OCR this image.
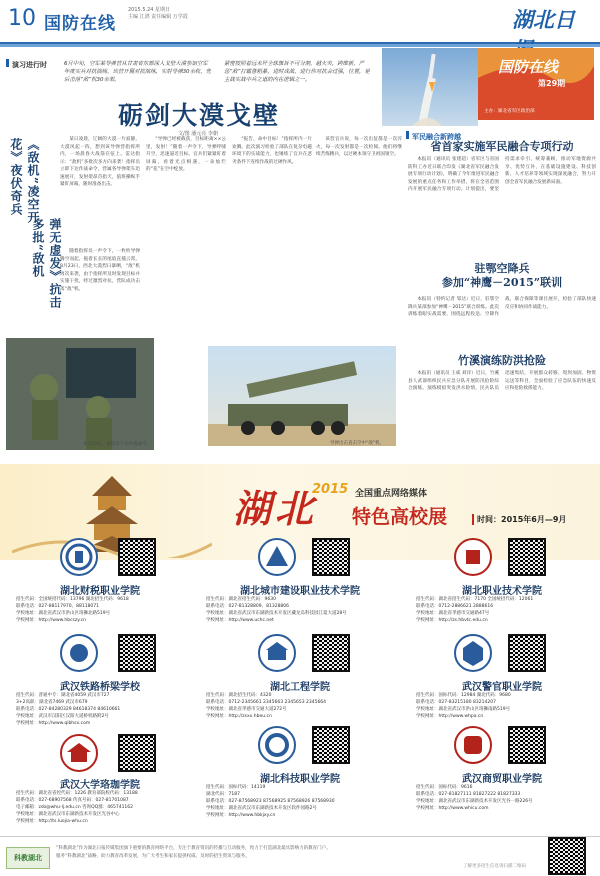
10 国防在线
2015.5.24 星期日
主编 江鸿 责任编辑 万学霞	湖北日
演习进行时	6月中旬，空军某导弹营从甘肃省东部深入戈壁大漠参加空军年度实兵对抗演练，该营开展对抗演练，实射导弹30余枚，先后击落“敌”机30余架。
紧密按照着远未歼全球旗旨不可分割，越火突，跨维新，严惩“敌”打霸惫粗暴，进时成战，进行你对抗会过强，位置，是主战实战中兵之道的内在逻辑之一。
砺剑大漠戈壁
文/图 潘元亮 李朝
《敌机”凌空开花》夜伏奇兵
弹无虚发》抗击多批“敌机

某日凌晨，辽阔的大漠一片寂静。大漠风起一阵，想到该导弹营指挥所内，一场晨昏大战箭在弦上。雷达指示：“敌机”多批次多方向来袭！指挥员立即下达作战命令，营属各导弹架车迅速展开，发射架昂首指天，值班操纵手紧盯屏幕，随时准备出击。

随着指挥员一声令下，一枚枚导弹腾空而起，拖着长长的尾焰直插云霄。8月23日，西北大漠烈日暴晒，“敌”机再次来袭，由于指挥所及时发现目标并实施干扰，经过激烈对抗，营队成功击落“敌”机。

“导弹已经被截获，目标距离××公里，发射！”随着一声令下，导弹呼啸升空，迅速逼近目标。官兵们紧紧盯着屏幕，看着光点相遇，一朵灿烂的“花”在空中绽放。

“报告，命中目标！”指挥所内一片欢腾。此次演习检验了部队在复杂电磁环境下的实战能力，也锤炼了官兵在恶劣条件下连续作战的过硬作风。

该营官兵说，每一次出征都是一次淬火，每一次发射都是一次检阅。他们将继续苦练精兵，以过硬本领守卫祖国领空。

8月23日，指挥员下达作战命令。	导弹出击直击空中“敌”机。
国防在线
第29期
主办：湖北省军区政治部
军民融合新跨越
省首家实施军民融合专项行动

本报讯（通讯员 张建超）省军区与省国防科工办近日联合印发《湖北省军民融合发展专项行动计划》，明确了今年推进军民融合发展的重点任务和工作举措，将在全省范围内开展军民融合专项行动。计划提出，要坚持需求牵引、统筹兼顾，推动军地资源共享、优势互补，在基础设施建设、科技创新、人才培养等领域实现深度融合，努力开创全省军民融合发展新局面。

驻鄂空降兵
参加“神鹰－2015”联训

本报讯（特约记者 邹达）近日，驻鄂空降兵某部参加“神鹰－2015”联合训练。此次训练着眼实战需要，围绕远程投送、空降作战、联合保障等课目展开，检验了部队快速反应和协同作战能力。

竹溪演练防洪抢险

本报讯（通讯员 王威 刘洋）近日，竹溪县人武部组织民兵应急分队开展防汛抢险综合演练。演练模拟突发洪水险情，民兵队员迅速集结，开展群众转移、堤坝加固、物资运送等科目，全面检验了应急队伍的快速反应和抢险救援能力。

湖北
2015 全国重点网络媒体
特色高校展	时间：2015年6月—9月
湖北财税职业学院
招生代码：全国统招代码：13796 湖北招生代码：9618
联系电话：027-88117970、88118071
学校地址：湖北省武汉市洪山区珞狮北路519号
学校网址：http://www.hbcszy.cn
湖北城市建设职业技术学院
招生代码：湖北省招生代码：9630
联系电话：027-81328809、81328806
学校地址：湖北省武汉市东湖新技术开发区藏龙岛科技园江夏大道28号
学校网址：http://www.uchc.net
湖北职业技术学院
招生代码：湖北省招生代码：7170 全国统招代码：12061
联系电话：0712-2886621 2888616
学校地址：湖北省孝感市交通路47号
学校网址：http://zs.hbvtc.edu.cn
武汉铁路桥梁学校
招生代码：普通中专：湖北省4059 武汉市727
3+2高职：湖北省7469 武汉市679
联系电话：027-84280329 84618374 84610661
学校地址：武汉市汉阳区汉阳大道桥机路附2号
学校网址：http://www.qibhsx.com
湖北工程学院
招生代码：湖北招生代码：4320
联系电话：0712-2345661 2345663 2345653 2345664
学校地址：湖北省孝感市交通大道272号
学校网址：http://zsxx.hbeu.cn
武汉警官职业学院
招生代码：国标代码：12984 湖北代码：9680
联系电话：027-83215180 83214207
学校地址：湖北省武汉市洪山区珞狮南路519号
学校网址：http://www.whpa.cn
武汉大学珞珈学院
招生代码：湖北省省控代码：1226 教育部院校代码：13188
联系电话：027-68907568 传真号码：027-81701087
电子邮箱：zsb@whu-lj.edu.cn 咨询QQ群：465741162
学校地址：湖北省武汉市东湖新技术开发区光谷中心
学校网址：http://ts.luojia-whu.cn
湖北科技职业学院
招生代码：国标代码：14119
湖北代码：7187
联系电话：027-87568923 87568925 87568926 87568930
学校地址：湖北省武汉市东湖新技术开发区软件园路2号
学校网址：http://www.hbkjxy.cn
武汉商贸职业学院
招生代码：国标代码：9616
联系电话：027-81827111 81827222 81827333
学校地址：湖北省武汉市东湖新技术开发区光谷一路226号
学校网址：http://www.whicu.com
科教湖北
“科教湖北”作为湖北日报传媒集团旗下重要的教育网络平台，专注于教育资讯的传播与互动服务，致力于打造湖北最具影响力的教育门户。
服务“科教湖北”战略，助力教育改革发展，为广大考生和家长提供权威、及时的招生资讯与服务。
了解更多招生信息请扫描二维码
